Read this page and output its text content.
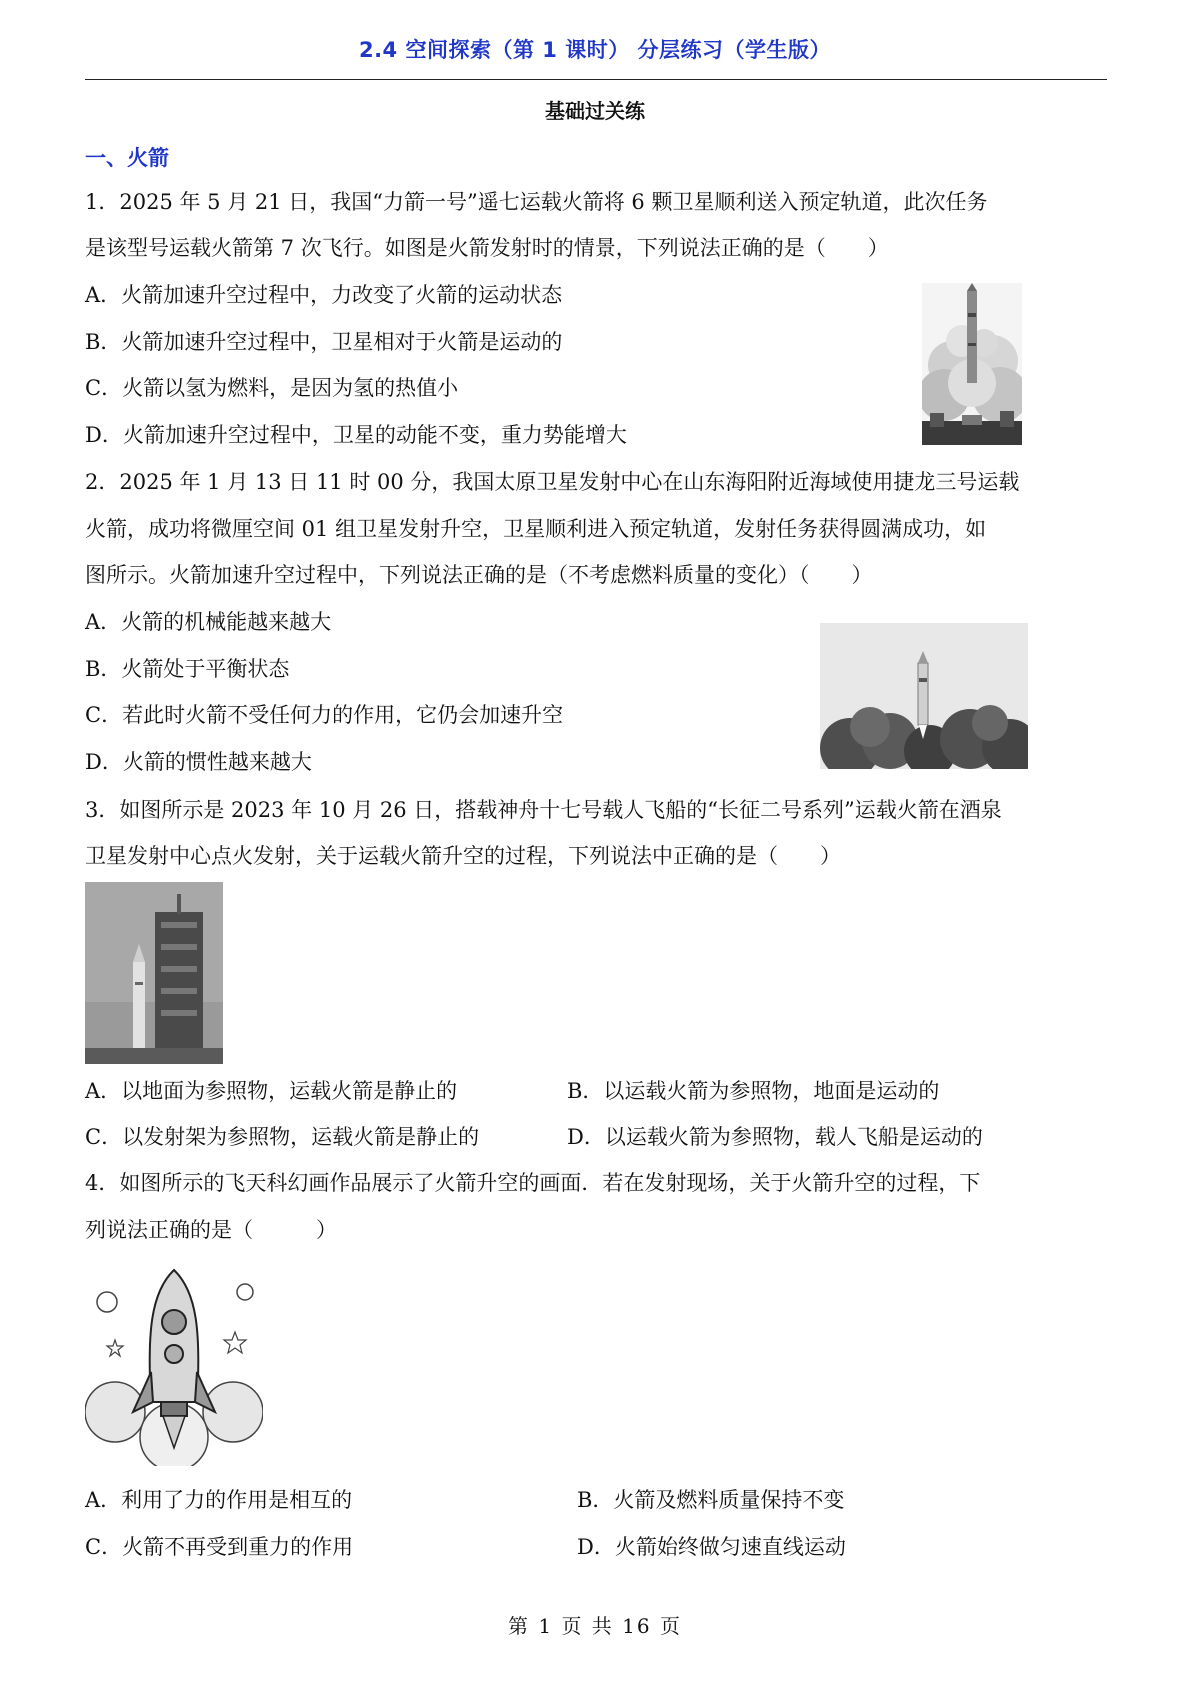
2.4 空间探索（第 1 课时） 分层练习（学生版）
基础过关练
一、火箭
1．2025 年 5 月 21 日，我国“力箭一号”遥七运载火箭将 6 颗卫星顺利送入预定轨道，此次任务
是该型号运载火箭第 7 次飞行。如图是火箭发射时的情景，下列说法正确的是（　　）
A．火箭加速升空过程中，力改变了火箭的运动状态
B．火箭加速升空过程中，卫星相对于火箭是运动的
C．火箭以氢为燃料，是因为氢的热值小
D．火箭加速升空过程中，卫星的动能不变，重力势能增大
2．2025 年 1 月 13 日 11 时 00 分，我国太原卫星发射中心在山东海阳附近海域使用捷龙三号运载
火箭，成功将微厘空间 01 组卫星发射升空，卫星顺利进入预定轨道，发射任务获得圆满成功，如
图所示。火箭加速升空过程中，下列说法正确的是（不考虑燃料质量的变化）（　　）
A．火箭的机械能越来越大
B．火箭处于平衡状态
C．若此时火箭不受任何力的作用，它仍会加速升空
D．火箭的惯性越来越大
3．如图所示是 2023 年 10 月 26 日，搭载神舟十七号载人飞船的“长征二号系列”运载火箭在酒泉
卫星发射中心点火发射，关于运载火箭升空的过程，下列说法中正确的是（　　）
A．以地面为参照物，运载火箭是静止的	B．以运载火箭为参照物，地面是运动的
C．以发射架为参照物，运载火箭是静止的	D．以运载火箭为参照物，载人飞船是运动的
4．如图所示的飞天科幻画作品展示了火箭升空的画面．若在发射现场，关于火箭升空的过程，下
列说法正确的是（　　　）
A．利用了力的作用是相互的	B．火箭及燃料质量保持不变
C．火箭不再受到重力的作用	D．火箭始终做匀速直线运动
第 1 页 共 16 页
